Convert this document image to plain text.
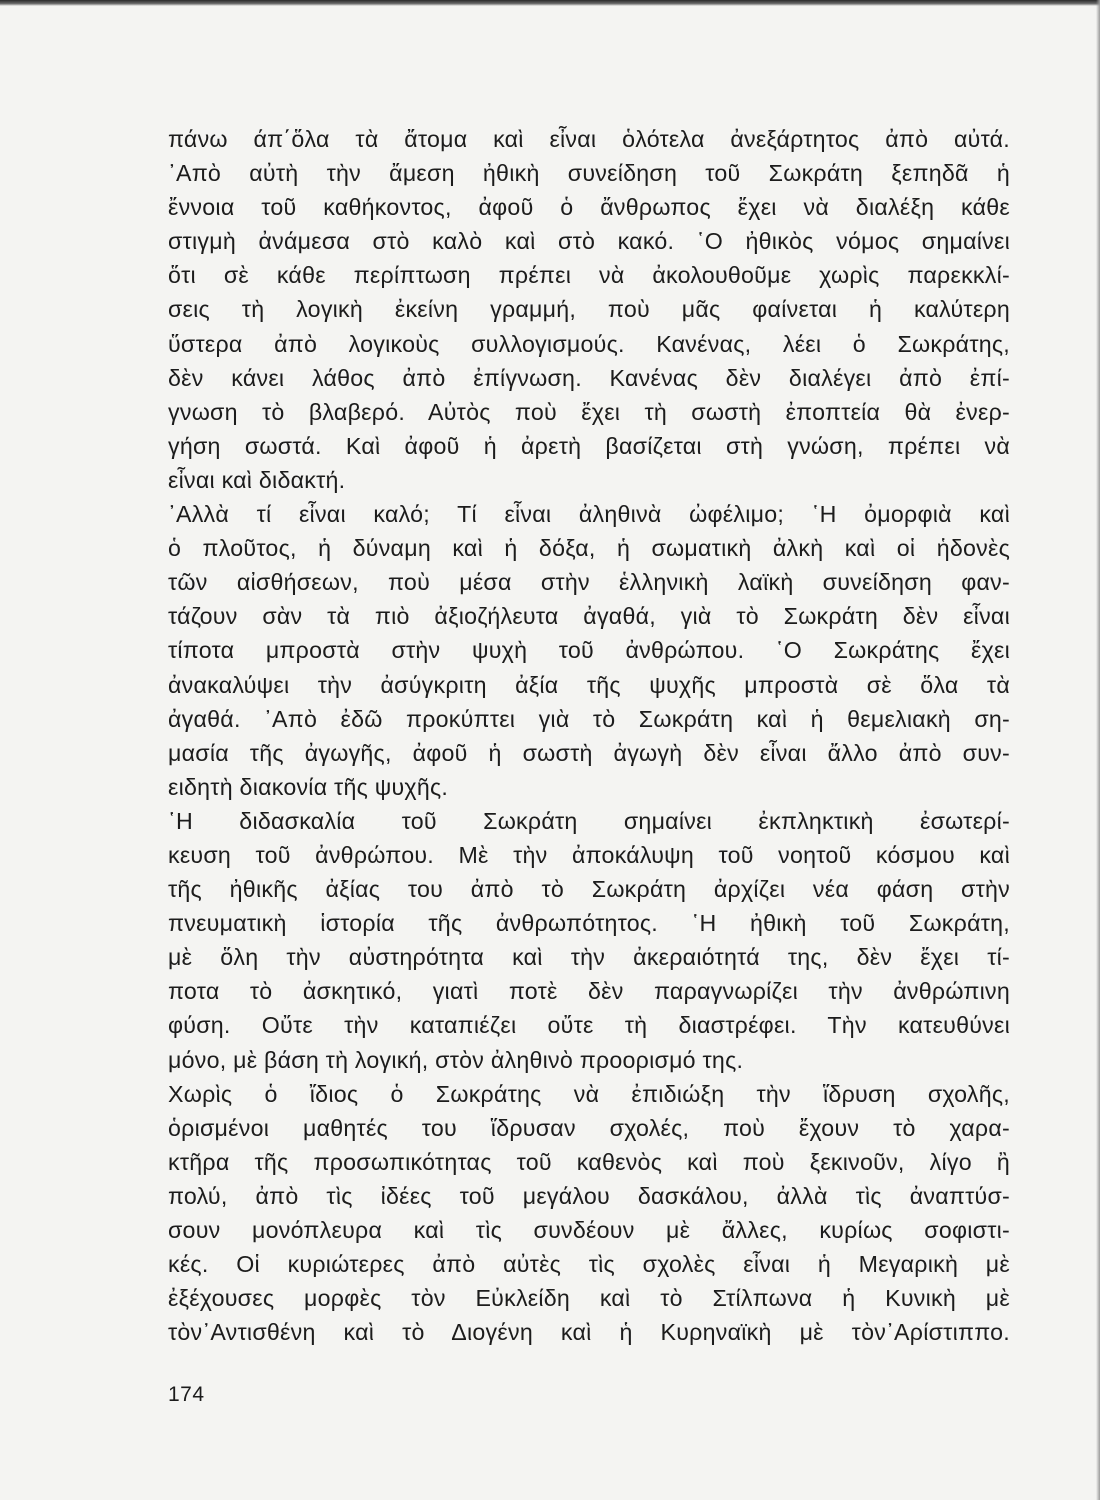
πάνω άπ΄ὅλα τὰ ἄτομα καὶ εἶναι ὁλότελα ἀνεξάρτητος ἀπὸ αὐτά.
᾿Απὸ αὐτὴ τὴν ἄμεση ἠθικὴ συνείδηση τοῦ Σωκράτη ξεπηδᾶ ἡ
ἔννοια τοῦ καθήκοντος, ἀφοῦ ὁ ἄνθρωπος ἔχει νὰ διαλέξη κάθε
στιγμὴ ἀνάμεσα στὸ καλὸ καὶ στὸ κακό. ῾Ο ἠθικὸς νόμος σημαίνει
ὅτι σὲ κάθε περίπτωση πρέπει νὰ ἀκολουθοῦμε χωρὶς παρεκκλί-
σεις τὴ λογικὴ ἐκείνη γραμμή, ποὺ μᾶς φαίνεται ἡ καλύτερη
ὕστερα ἀπὸ λογικοὺς συλλογισμούς. Κανένας, λέει ὁ Σωκράτης,
δὲν κάνει λάθος ἀπὸ ἐπίγνωση. Κανένας δὲν διαλέγει ἀπὸ ἐπί-
γνωση τὸ βλαβερό. Αὐτὸς ποὺ ἔχει τὴ σωστὴ ἐποπτεία θὰ ἐνερ-
γήση σωστά. Καὶ ἀφοῦ ἡ ἀρετὴ βασίζεται στὴ γνώση, πρέπει νὰ
εἶναι καὶ διδακτή.
᾿Αλλὰ τί εἶναι καλό; Τί εἶναι ἀληθινὰ ὠφέλιμο; ῾Η ὀμορφιὰ καὶ
ὁ πλοῦτος, ἡ δύναμη καὶ ἡ δόξα, ἡ σωματικὴ ἀλκὴ καὶ οἱ ἡδονὲς
τῶν αἰσθήσεων, ποὺ μέσα στὴν ἑλληνικὴ λαϊκὴ συνείδηση φαν-
τάζουν σὰν τὰ πιὸ ἀξιοζήλευτα ἀγαθά, γιὰ τὸ Σωκράτη δὲν εἶναι
τίποτα μπροστὰ στὴν ψυχὴ τοῦ ἀνθρώπου. ῾Ο Σωκράτης ἔχει
ἀνακαλύψει τὴν ἀσύγκριτη ἀξία τῆς ψυχῆς μπροστὰ σὲ ὅλα τὰ
ἀγαθά. ᾿Απὸ ἐδῶ προκύπτει γιὰ τὸ Σωκράτη καὶ ἡ θεμελιακὴ ση-
μασία τῆς ἀγωγῆς, ἀφοῦ ἡ σωστὴ ἀγωγὴ δὲν εἶναι ἄλλο ἀπὸ συν-
ειδητὴ διακονία τῆς ψυχῆς.
῾Η διδασκαλία τοῦ Σωκράτη σημαίνει ἐκπληκτικὴ ἐσωτερί-
κευση τοῦ ἀνθρώπου. Μὲ τὴν ἀποκάλυψη τοῦ νοητοῦ κόσμου καὶ
τῆς ἠθικῆς ἀξίας του ἀπὸ τὸ Σωκράτη ἀρχίζει νέα φάση στὴν
πνευματικὴ ἱστορία τῆς ἀνθρωπότητος. ῾Η ἠθικὴ τοῦ Σωκράτη,
μὲ ὅλη τὴν αὐστηρότητα καὶ τὴν ἀκεραιότητά της, δὲν ἔχει τί-
ποτα τὸ ἀσκητικό, γιατὶ ποτὲ δὲν παραγνωρίζει τὴν ἀνθρώπινη
φύση. Οὔτε τὴν καταπιέζει οὔτε τὴ διαστρέφει. Τὴν κατευθύνει
μόνο, μὲ βάση τὴ λογική, στὸν ἀληθινὸ προορισμό της.
Χωρὶς ὁ ἴδιος ὁ Σωκράτης νὰ ἐπιδιώξη τὴν ἵδρυση σχολῆς,
ὁρισμένοι μαθητές του ἵδρυσαν σχολές, ποὺ ἔχουν τὸ χαρα-
κτῆρα τῆς προσωπικότητας τοῦ καθενὸς καὶ ποὺ ξεκινοῦν, λίγο ἢ
πολύ, ἀπὸ τὶς ἰδέες τοῦ μεγάλου δασκάλου, ἀλλὰ τὶς ἀναπτύσ-
σουν μονόπλευρα καὶ τὶς συνδέουν μὲ ἄλλες, κυρίως σοφιστι-
κές. Οἱ κυριώτερες ἀπὸ αὐτὲς τὶς σχολὲς εἶναι ἡ Μεγαρικὴ μὲ
ἐξέχουσες μορφὲς τὸν Εὐκλείδη καὶ τὸ Στίλπωνα ἡ Κυνικὴ μὲ
τὸν᾿Αντισθένη καὶ τὸ Διογένη καὶ ἡ Κυρηναϊκὴ μὲ τὸν᾿Αρίστιππο.
174
